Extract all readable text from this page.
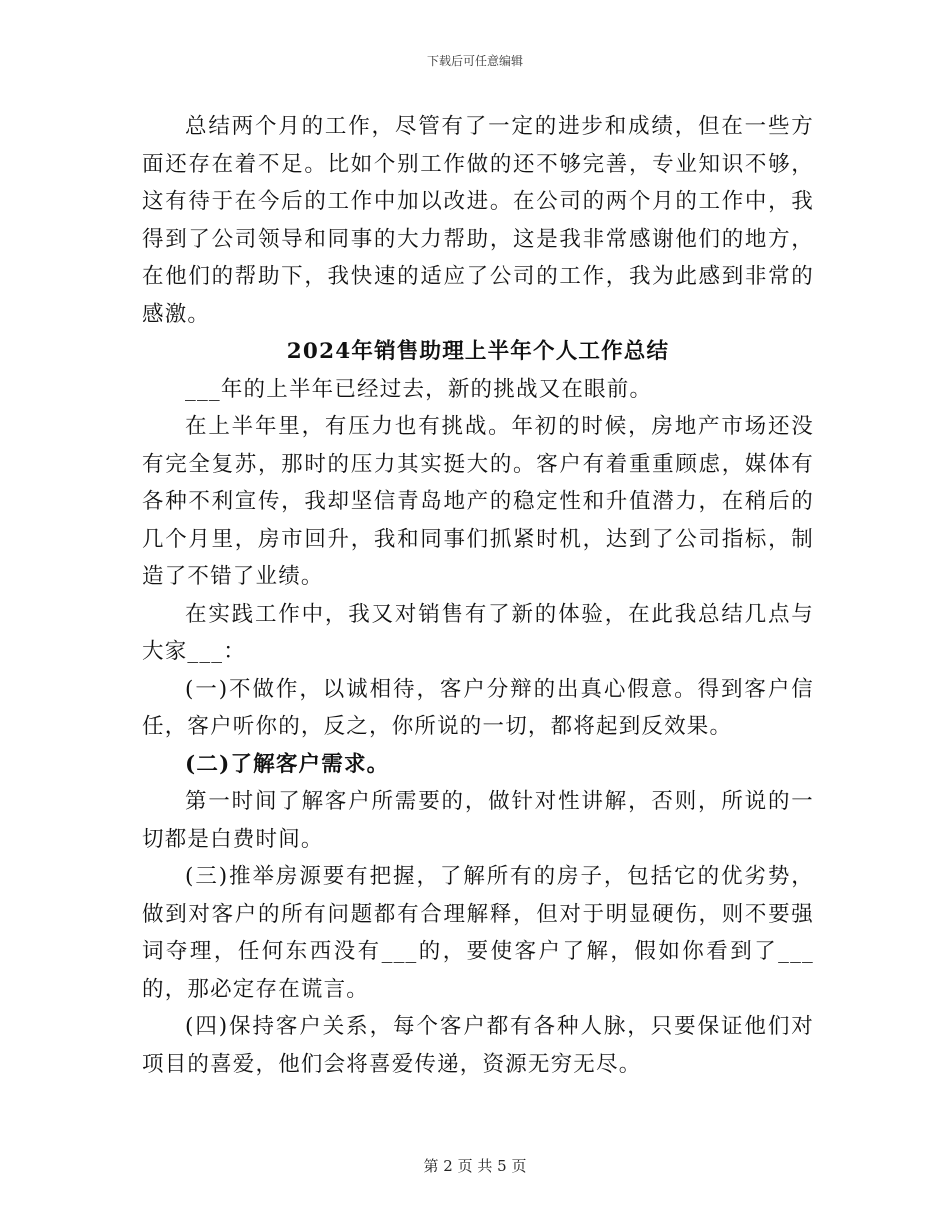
下载后可任意编辑

总结两个月的工作，尽管有了一定的进步和成绩，但在一些方面还存在着不足。比如个别工作做的还不够完善，专业知识不够，这有待于在今后的工作中加以改进。在公司的两个月的工作中，我得到了公司领导和同事的大力帮助，这是我非常感谢他们的地方，在他们的帮助下，我快速的适应了公司的工作，我为此感到非常的感激。

2024年销售助理上半年个人工作总结

___年的上半年已经过去，新的挑战又在眼前。

在上半年里，有压力也有挑战。年初的时候，房地产市场还没有完全复苏，那时的压力其实挺大的。客户有着重重顾虑，媒体有各种不利宣传，我却坚信青岛地产的稳定性和升值潜力，在稍后的几个月里，房市回升，我和同事们抓紧时机，达到了公司指标，制造了不错了业绩。

在实践工作中，我又对销售有了新的体验，在此我总结几点与大家___：

(一)不做作，以诚相待，客户分辩的出真心假意。得到客户信任，客户听你的，反之，你所说的一切，都将起到反效果。

(二)了解客户需求。

第一时间了解客户所需要的，做针对性讲解，否则，所说的一切都是白费时间。

(三)推举房源要有把握，了解所有的房子，包括它的优劣势，做到对客户的所有问题都有合理解释，但对于明显硬伤，则不要强词夺理，任何东西没有___的，要使客户了解，假如你看到了___的，那必定存在谎言。

(四)保持客户关系，每个客户都有各种人脉，只要保证他们对项目的喜爱，他们会将喜爱传递，资源无穷无尽。

第 2 页 共 5 页
